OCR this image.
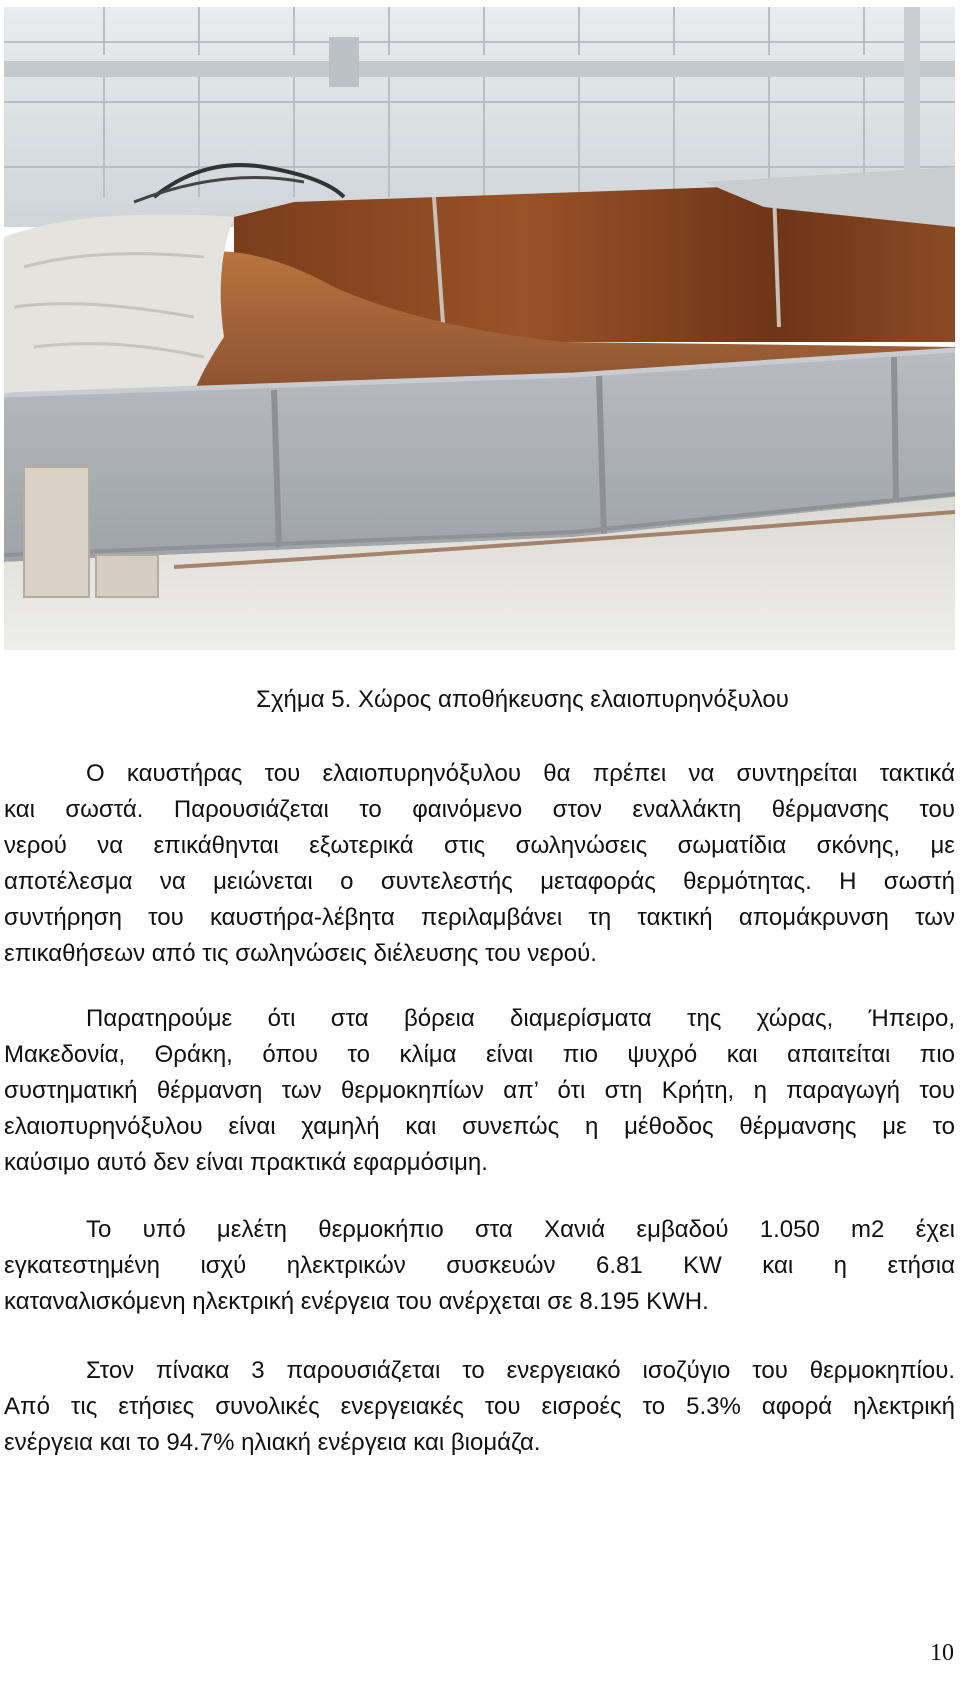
Σχήμα 5. Χώρος αποθήκευσης ελαιοπυρηνόξυλου

Ο καυστήρας του ελαιοπυρηνόξυλου θα πρέπει να συντηρείται τακτικά
και σωστά. Παρουσιάζεται το φαινόμενο στον εναλλάκτη θέρμανσης του
νερού να επικάθηνται εξωτερικά στις σωληνώσεις σωματίδια σκόνης, με
αποτέλεσμα να μειώνεται ο συντελεστής μεταφοράς θερμότητας. Η σωστή
συντήρηση του καυστήρα-λέβητα περιλαμβάνει τη τακτική απομάκρυνση των
επικαθήσεων από τις σωληνώσεις διέλευσης του νερού.

Παρατηρούμε ότι στα βόρεια διαμερίσματα της χώρας, Ήπειρο,
Μακεδονία, Θράκη, όπου το κλίμα είναι πιο ψυχρό και απαιτείται πιο
συστηματική θέρμανση των θερμοκηπίων απ’ ότι στη Κρήτη, η παραγωγή του
ελαιοπυρηνόξυλου είναι χαμηλή και συνεπώς η μέθοδος θέρμανσης με το
καύσιμο αυτό δεν είναι πρακτικά εφαρμόσιμη.

Το υπό μελέτη θερμοκήπιο στα Χανιά εμβαδού 1.050 m2 έχει
εγκατεστημένη ισχύ ηλεκτρικών συσκευών 6.81 KW και η ετήσια
καταναλισκόμενη ηλεκτρική ενέργεια του ανέρχεται σε 8.195 KWH.

Στον πίνακα 3 παρουσιάζεται το ενεργειακό ισοζύγιο του θερμοκηπίου.
Από τις ετήσιες συνολικές ενεργειακές του εισροές το 5.3% αφορά ηλεκτρική
ενέργεια και το 94.7% ηλιακή ενέργεια και βιομάζα.

10
